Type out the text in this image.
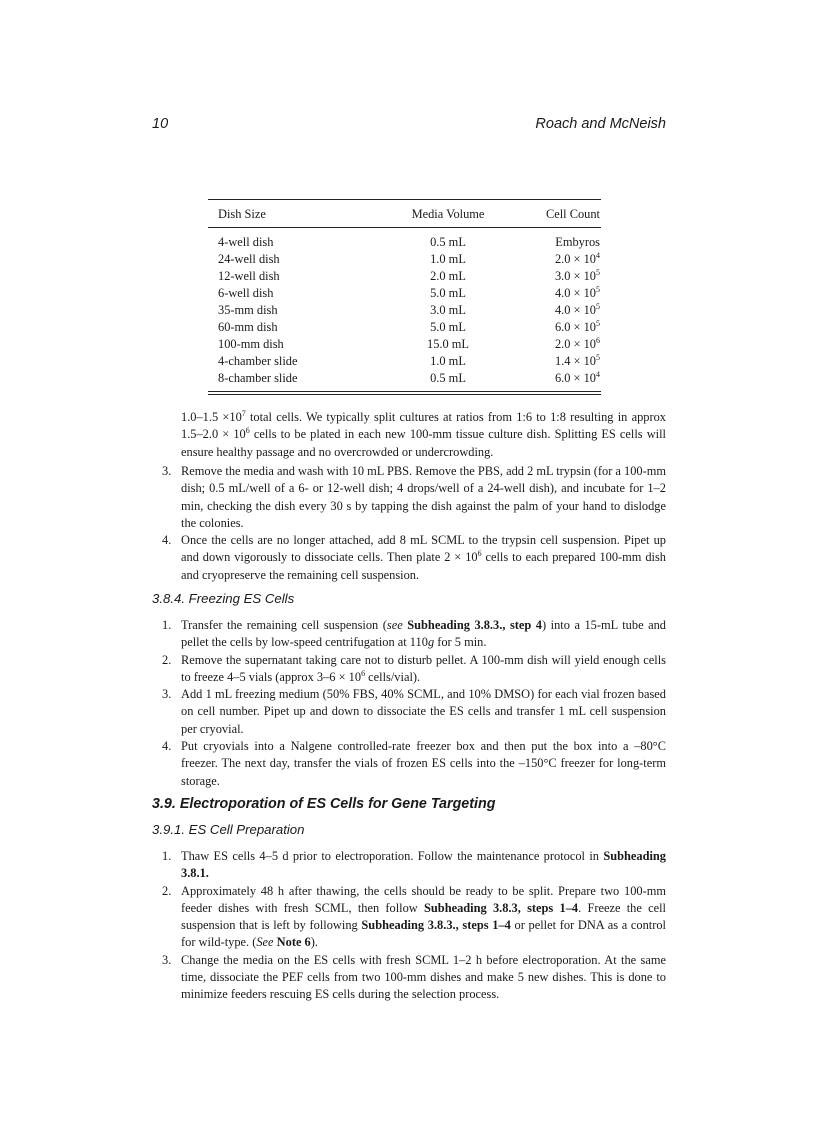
10	Roach and McNeish
Dish Size	Media Volume	Cell Count
4-well dish	0.5 mL	Embyros
24-well dish	1.0 mL	$2.0 \times 10^4$
12-well dish	2.0 mL	$3.0 \times 10^5$
6-well dish	5.0 mL	$4.0 \times 10^5$
35-mm dish	3.0 mL	$4.0 \times 10^5$
60-mm dish	5.0 mL	$6.0 \times 10^5$
100-mm dish	15.0 mL	$2.0 \times 10^6$
4-chamber slide	1.0 mL	$1.4 \times 10^5$
8-chamber slide	0.5 mL	$6.0 \times 10^4$
$1.0-1.5 \times 10^7$ total cells. We typically split cultures at ratios from 1:6 to 1:8 resulting in approx $1.5-2.0 \times 10^6$ cells to be plated in each new 100-mm tissue culture dish. Splitting ES cells will ensure healthy passage and no overcrowded or undercrowding.
3. Remove the media and wash with 10 mL PBS. Remove the PBS, add 2 mL trypsin (for a 100-mm dish; 0.5 mL/well of a 6- or 12-well dish; 4 drops/well of a 24-well dish), and incubate for 1–2 min, checking the dish every 30 s by tapping the dish against the palm of your hand to dislodge the colonies.
4. Once the cells are no longer attached, add 8 mL SCML to the trypsin cell suspension. Pipet up and down vigorously to dissociate cells. Then plate $2 \times 10^6$ cells to each prepared 100-mm dish and cryopreserve the remaining cell suspension.
3.8.4. Freezing ES Cells
1. Transfer the remaining cell suspension (see Subheading 3.8.3., step 4) into a 15-mL tube and pellet the cells by low-speed centrifugation at 110g for 5 min.
2. Remove the supernatant taking care not to disturb pellet. A 100-mm dish will yield enough cells to freeze 4–5 vials (approx $3-6 \times 10^6$ cells/vial).
3. Add 1 mL freezing medium (50% FBS, 40% SCML, and 10% DMSO) for each vial frozen based on cell number. Pipet up and down to dissociate the ES cells and transfer 1 mL cell suspension per cryovial.
4. Put cryovials into a Nalgene controlled-rate freezer box and then put the box into a –80°C freezer. The next day, transfer the vials of frozen ES cells into the –150°C freezer for long-term storage.
3.9. Electroporation of ES Cells for Gene Targeting
3.9.1. ES Cell Preparation
1. Thaw ES cells 4–5 d prior to electroporation. Follow the maintenance protocol in Subheading 3.8.1.
2. Approximately 48 h after thawing, the cells should be ready to be split. Prepare two 100-mm feeder dishes with fresh SCML, then follow Subheading 3.8.3, steps 1–4. Freeze the cell suspension that is left by following Subheading 3.8.3., steps 1–4 or pellet for DNA as a control for wild-type. (See Note 6).
3. Change the media on the ES cells with fresh SCML 1–2 h before electroporation. At the same time, dissociate the PEF cells from two 100-mm dishes and make 5 new dishes. This is done to minimize feeders rescuing ES cells during the selection process.
